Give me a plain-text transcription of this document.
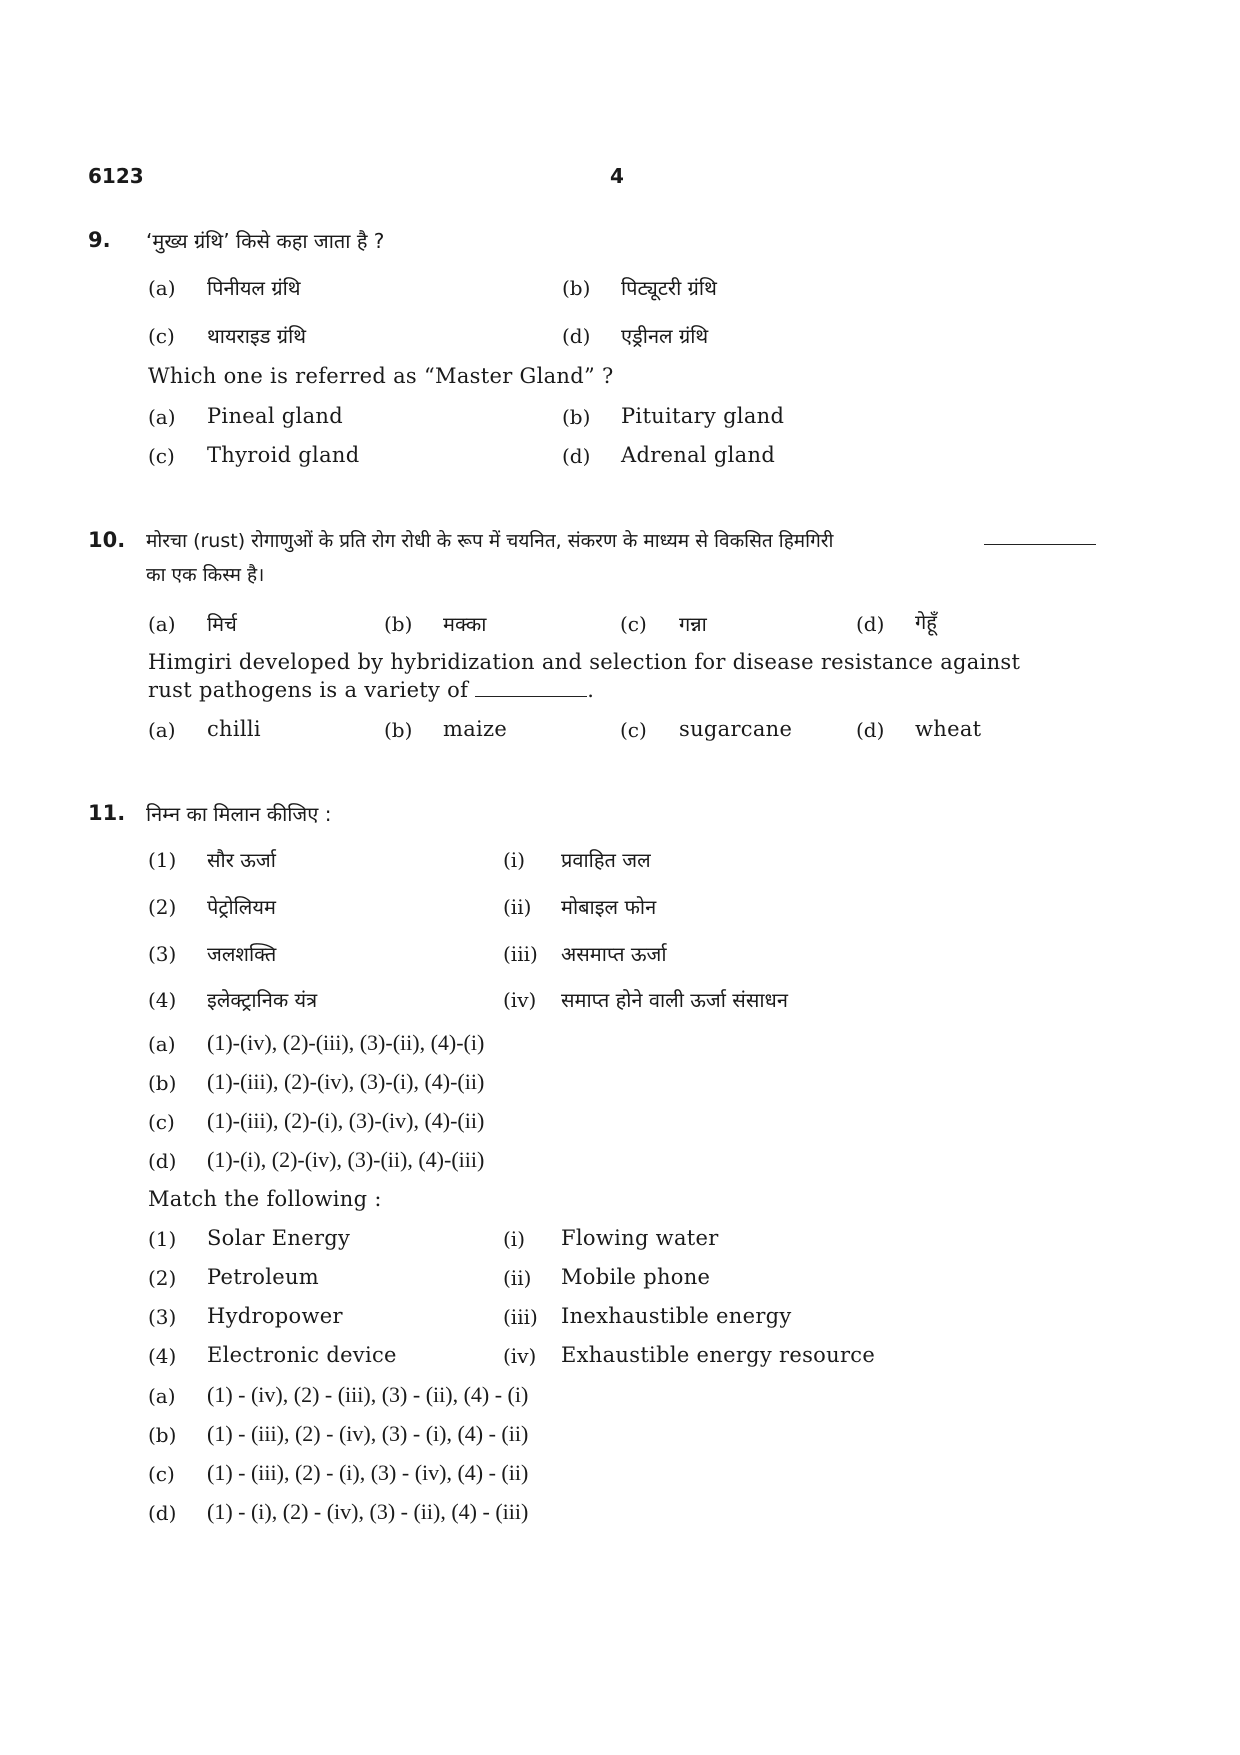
6123	4
9. ‘मुख्य ग्रंथि’ किसे कहा जाता है ?
(a) पिनीयल ग्रंथि	(b) पिट्यूटरी ग्रंथि
(c) थायराइड ग्रंथि	(d) एड्रीनल ग्रंथि
Which one is referred as “Master Gland” ?
(a) Pineal gland	(b) Pituitary gland
(c) Thyroid gland	(d) Adrenal gland
10. मोरचा (rust) रोगाणुओं के प्रति रोग रोधी के रूप में चयनित, संकरण के माध्यम से विकसित हिमगिरी
का एक किस्म है।
(a) मिर्च	(b) मक्का	(c) गन्ना	(d) गेहूँ
Himgiri developed by hybridization and selection for disease resistance against
rust pathogens is a variety of	.
(a) chilli	(b) maize	(c) sugarcane	(d) wheat
11. निम्न का मिलान कीजिए :
(1) सौर ऊर्जा	(i) प्रवाहित जल
(2) पेट्रोलियम	(ii) मोबाइल फोन
(3) जलशक्ति	(iii) असमाप्त ऊर्जा
(4) इलेक्ट्रानिक यंत्र	(iv) समाप्त होने वाली ऊर्जा संसाधन
(a) (1)-(iv), (2)-(iii), (3)-(ii), (4)-(i)
(b) (1)-(iii), (2)-(iv), (3)-(i), (4)-(ii)
(c) (1)-(iii), (2)-(i), (3)-(iv), (4)-(ii)
(d) (1)-(i), (2)-(iv), (3)-(ii), (4)-(iii)
Match the following :
(1) Solar Energy	(i) Flowing water
(2) Petroleum	(ii) Mobile phone
(3) Hydropower	(iii) Inexhaustible energy
(4) Electronic device	(iv) Exhaustible energy resource
(a) (1) - (iv), (2) - (iii), (3) - (ii), (4) - (i)
(b) (1) - (iii), (2) - (iv), (3) - (i), (4) - (ii)
(c) (1) - (iii), (2) - (i), (3) - (iv), (4) - (ii)
(d) (1) - (i), (2) - (iv), (3) - (ii), (4) - (iii)
